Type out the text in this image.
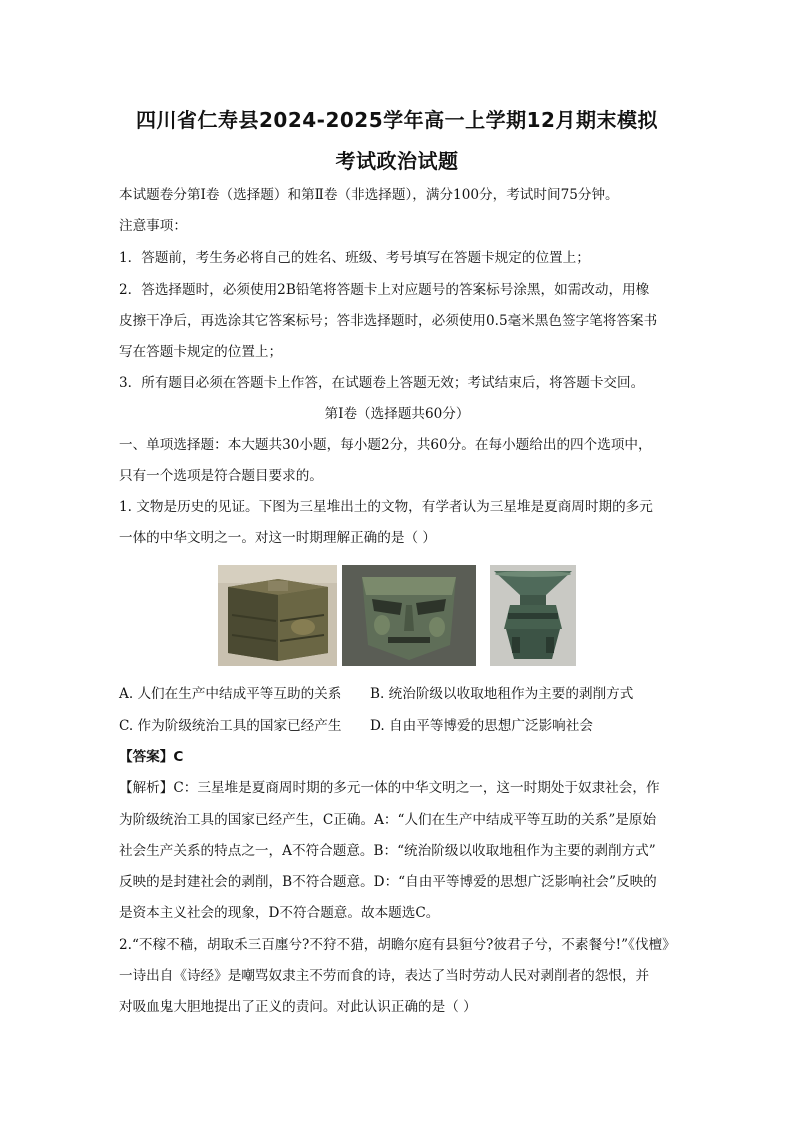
四川省仁寿县2024-2025学年高一上学期12月期末模拟
考试政治试题
本试题卷分第Ⅰ卷（选择题）和第Ⅱ卷（非选择题），满分100分，考试时间75分钟。
注意事项：
1．答题前，考生务必将自己的姓名、班级、考号填写在答题卡规定的位置上；
2．答选择题时，必须使用2B铅笔将答题卡上对应题号的答案标号涂黑，如需改动，用橡
皮擦干净后，再选涂其它答案标号；答非选择题时，必须使用0.5毫米黑色签字笔将答案书
写在答题卡规定的位置上；
3．所有题目必须在答题卡上作答，在试题卷上答题无效；考试结束后，将答题卡交回。
第Ⅰ卷（选择题共60分）
一、单项选择题：本大题共30小题，每小题2分，共60分。在每小题给出的四个选项中，
只有一个选项是符合题目要求的。
1. 文物是历史的见证。下图为三星堆出土的文物，有学者认为三星堆是夏商周时期的多元
一体的中华文明之一。对这一时期理解正确的是（ ）
A. 人们在生产中结成平等互助的关系 B. 统治阶级以收取地租作为主要的剥削方式
C. 作为阶级统治工具的国家已经产生 D. 自由平等博爱的思想广泛影响社会
【答案】C
【解析】C：三星堆是夏商周时期的多元一体的中华文明之一，这一时期处于奴隶社会，作
为阶级统治工具的国家已经产生，C正确。A：“人们在生产中结成平等互助的关系”是原始
社会生产关系的特点之一，A不符合题意。B：“统治阶级以收取地租作为主要的剥削方式”
反映的是封建社会的剥削，B不符合题意。D：“自由平等博爱的思想广泛影响社会”反映的
是资本主义社会的现象，D不符合题意。故本题选C。
2.“不稼不穑，胡取禾三百廛兮?不狩不猎，胡瞻尔庭有县貆兮?彼君子兮，不素餐兮!”《伐檀》
一诗出自《诗经》是嘲骂奴隶主不劳而食的诗，表达了当时劳动人民对剥削者的怨恨，并
对吸血鬼大胆地提出了正义的责问。对此认识正确的是（ ）
